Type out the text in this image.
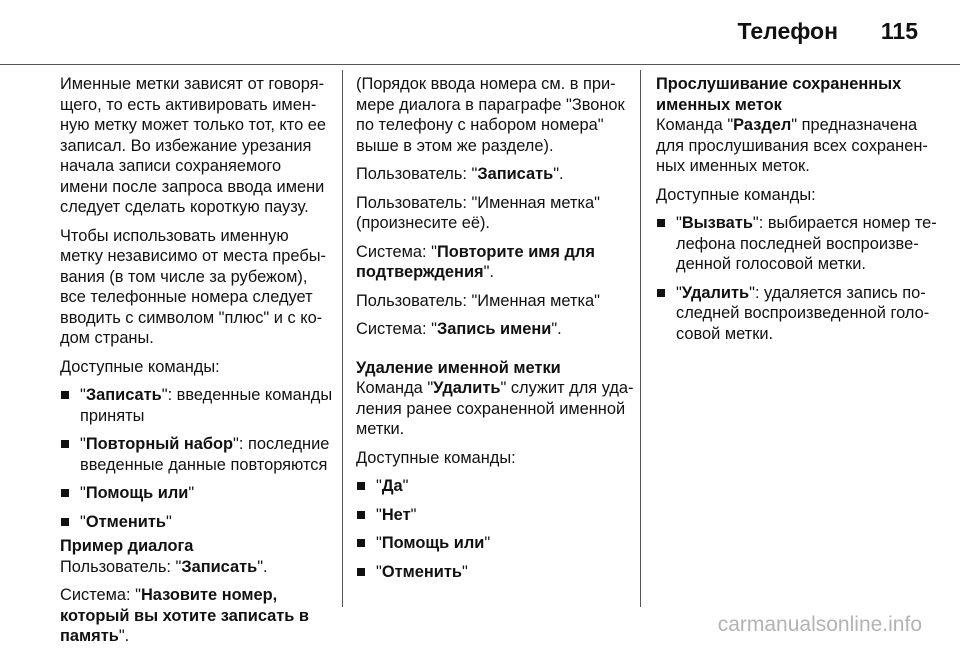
Телефон 115
Именные метки зависят от говоря-
щего, то есть активировать имен-
ную метку может только тот, кто ее
записал. Во избежание урезания
начала записи сохраняемого
имени после запроса ввода имени
следует сделать короткую паузу.
Чтобы использовать именную
метку независимо от места пребы-
вания (в том числе за рубежом),
все телефонные номера следует
вводить с символом "плюс" и с ко-
дом страны.
Доступные команды:
"Записать": введенные команды
приняты
"Повторный набор": последние
введенные данные повторяются
"Помощь или"
"Отменить"
Пример диалога
Пользователь: "Записать".
Система: "Назовите номер,
который вы хотите записать в
память".
(Порядок ввода номера см. в при-
мере диалога в параграфе "Звонок
по телефону с набором номера"
выше в этом же разделе).
Пользователь: "Записать".
Пользователь: "Именная метка"
(произнесите её).
Система: "Повторите имя для
подтверждения".
Пользователь: "Именная метка"
Система: "Запись имени".
Удаление именной метки
Команда "Удалить" служит для уда-
ления ранее сохраненной именной
метки.
Доступные команды:
"Да"
"Нет"
"Помощь или"
"Отменить"
Прослушивание сохраненных
именных меток
Команда "Раздел" предназначена
для прослушивания всех сохранен-
ных именных меток.
Доступные команды:
"Вызвать": выбирается номер те-
лефона последней воспроизве-
денной голосовой метки.
"Удалить": удаляется запись по-
следней воспроизведенной голо-
совой метки.
carmanualsonline.info
